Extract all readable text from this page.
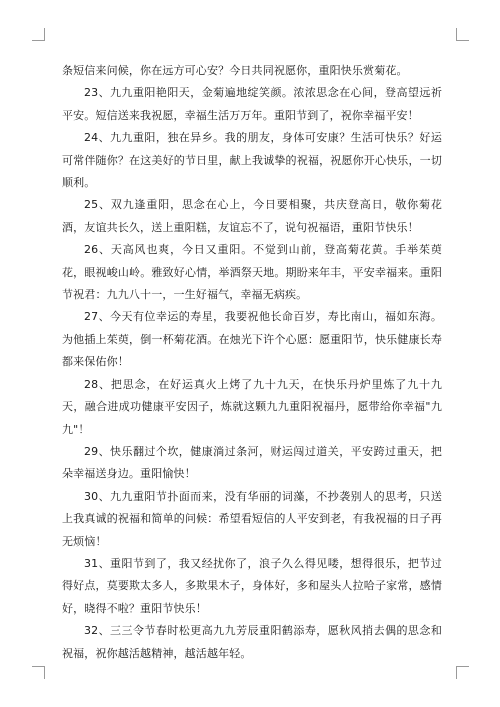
条短信来问候，你在远方可心安？今日共同祝愿你，重阳快乐赏菊花。

23、九九重阳艳阳天，金菊遍地绽笑颜。浓浓思念在心间，登高望远祈平安。短信送来我祝愿，幸福生活万万年。重阳节到了，祝你幸福平安！

24、九九重阳，独在异乡。我的朋友，身体可安康？生活可快乐？好运可常伴随你？在这美好的节日里，献上我诚挚的祝福，祝愿你开心快乐，一切顺利。

25、双九逢重阳，思念在心上，今日要相聚，共庆登高日，敬你菊花酒，友谊共长久，送上重阳糕，友谊忘不了，说句祝福语，重阳节快乐！

26、天高风也爽，今日又重阳。不觉到山前，登高菊花黄。手举茱萸花，眼视峻山岭。雅致好心情，举酒祭天地。期盼来年丰，平安幸福来。重阳节祝君：九九八十一，一生好福气，幸福无病疾。

27、今天有位幸运的寿星，我要祝他长命百岁，寿比南山，福如东海。为他插上茱萸，倒一杯菊花酒。在烛光下许个心愿：愿重阳节，快乐健康长寿都来保佑你！

28、把思念，在好运真火上烤了九十九天，在快乐丹炉里炼了九十九天，融合进成功健康平安因子，炼就这颗九九重阳祝福丹，愿带给你幸福"九九"！

29、快乐翻过个坎，健康淌过条河，财运闯过道关，平安跨过重天，把朵幸福送身边。重阳愉快！

30、九九重阳节扑面而来，没有华丽的词藻，不抄袭别人的思考，只送上我真诚的祝福和简单的问候：希望看短信的人平安到老，有我祝福的日子再无烦恼！

31、重阳节到了，我又经扰你了，浪子久么得见喽，想得很乐，把节过得好点，莫要欺太多人，多欺果木子，身体好，多和屋头人拉哈子家常，感情好，晓得不啦？重阳节快乐！

32、三三令节春时松更高九九芳辰重阳鹤添寿，愿秋风捎去偶的思念和祝福，祝你越活越精神，越活越年轻。
